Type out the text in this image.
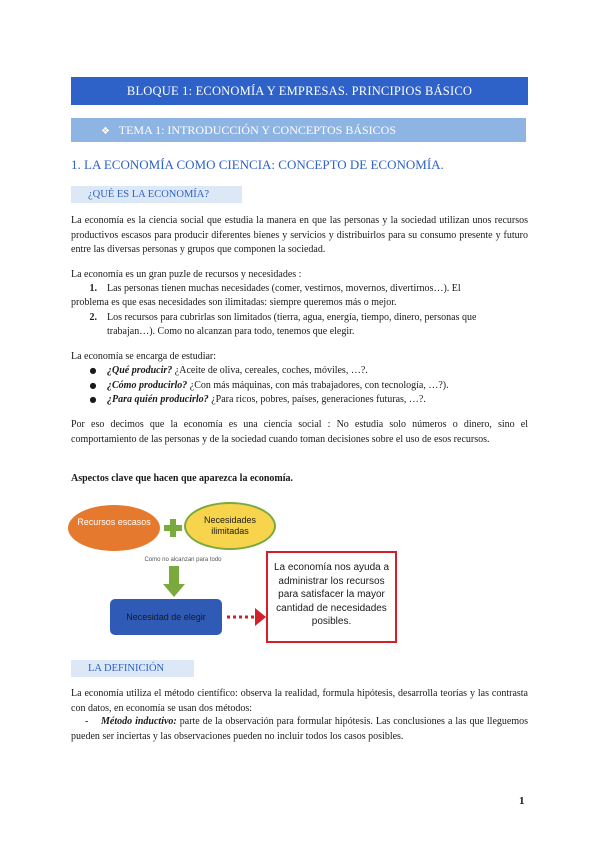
BLOQUE 1: ECONOMÍA Y EMPRESAS. PRINCIPIOS BÁSICO
❖ TEMA 1: INTRODUCCIÓN Y CONCEPTOS BÁSICOS
1. LA ECONOMÍA COMO CIENCIA: CONCEPTO DE ECONOMÍA.
¿QUÉ ES LA ECONOMÍA?
La economía es la ciencia social que estudia la manera en que las personas y la sociedad utilizan unos recursos productivos escasos para producir diferentes bienes y servicios y distribuirlos para su consumo presente y futuro entre las diversas personas y grupos que componen la sociedad.
La economía es un gran puzle de recursos y necesidades :
1.	Las personas tienen muchas necesidades (comer, vestirnos, movernos, divertirnos…). El
problema es que esas necesidades son ilimitadas: siempre queremos más o mejor.
2.	Los recursos para cubrirlas son limitados (tierra, agua, energía, tiempo, dinero, personas que
trabajan…). Como no alcanzan para todo, tenemos que elegir.
La economía se encarga de estudiar:
●	¿Qué producir? ¿Aceite de oliva, cereales, coches, móviles, …?.
●	¿Cómo producirlo? ¿Con más máquinas, con más trabajadores, con tecnología, …?).
●	¿Para quién producirlo? ¿Para ricos, pobres, países, generaciones futuras, …?.
Por eso decimos que la economía es una ciencia social : No estudia solo números o dinero, sino el comportamiento de las personas y de la sociedad cuando toman decisiones sobre el uso de esos recursos.
Aspectos clave que hacen que aparezca la economía.
Recursos escasos	Necesidades ilimitadas
Como no alcanzan para todo
Necesidad de elegir
La economía nos ayuda a administrar los recursos para satisfacer la mayor cantidad de necesidades posibles.
LA DEFINICIÓN
La economía utiliza el método científico: observa la realidad, formula hipótesis, desarrolla teorías y las contrasta con datos, en economía se usan dos métodos:
- Método inductivo: parte de la observación para formular hipótesis. Las conclusiones a las que lleguemos pueden ser inciertas y las observaciones pueden no incluir todos los casos posibles.
1
